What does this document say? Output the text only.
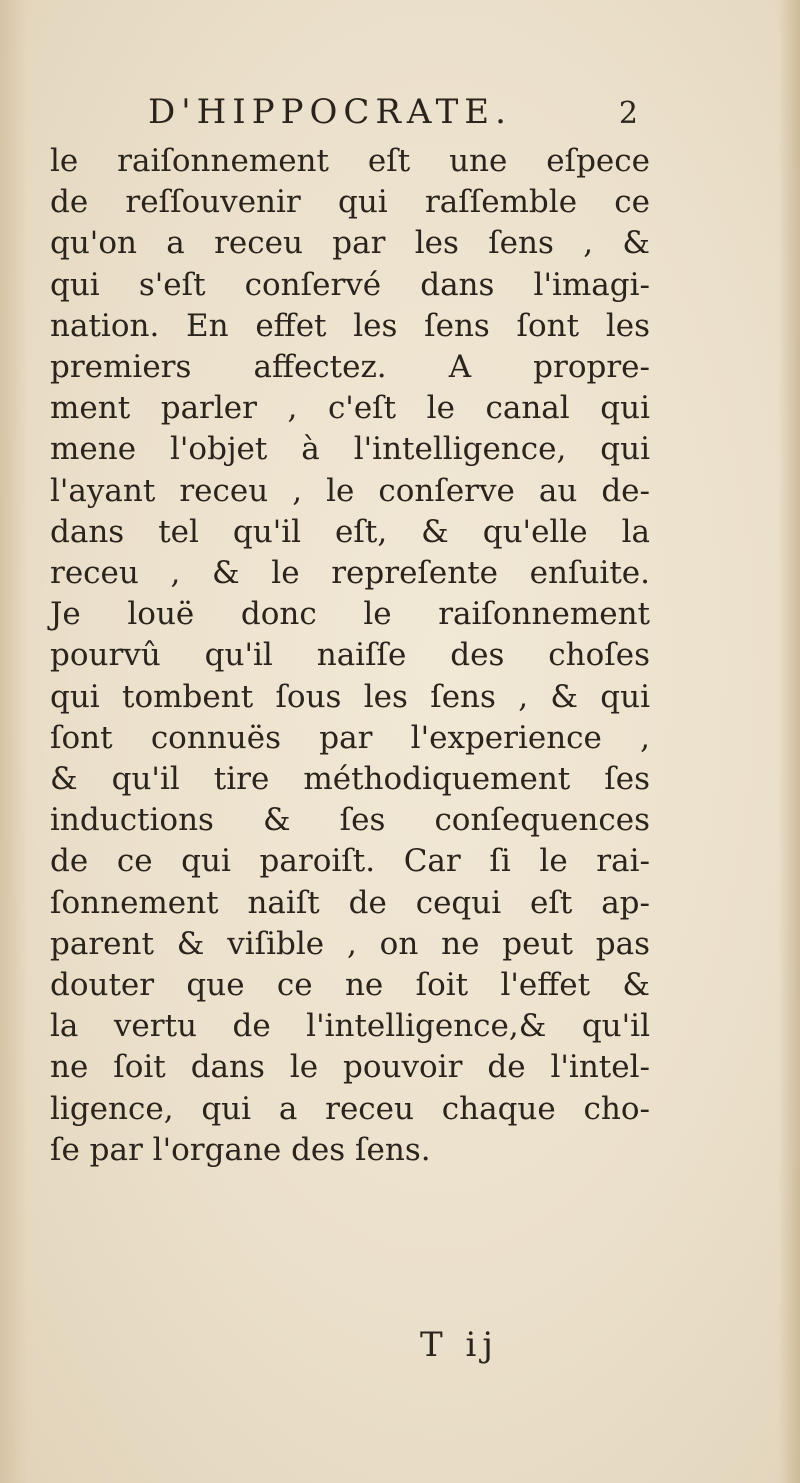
D'HIPPOCRATE.	2
le raiſonnement eſt une eſpece
de reſſouvenir qui raſſemble ce
qu'on a receu par les ſens , &
qui s'eſt conſervé dans l'imagi-
nation. En effet les ſens ſont les
premiers affectez. A propre-
ment parler , c'eſt le canal qui
mene l'objet à l'intelligence, qui
l'ayant receu , le conſerve au de-
dans tel qu'il eſt, & qu'elle la
receu , & le repreſente enſuite.
Je louë donc le raiſonnement
pourvû qu'il naiſſe des choſes
qui tombent ſous les ſens , & qui
ſont connuës par l'experience ,
& qu'il tire méthodiquement ſes
inductions & ſes conſequences
de ce qui paroiſt. Car ſi le rai-
ſonnement naiſt de cequi eſt ap-
parent & viſible , on ne peut pas
douter que ce ne ſoit l'effet &
la vertu de l'intelligence,& qu'il
ne ſoit dans le pouvoir de l'intel-
ligence, qui a receu chaque cho-
ſe par l'organe des ſens.
T ij
